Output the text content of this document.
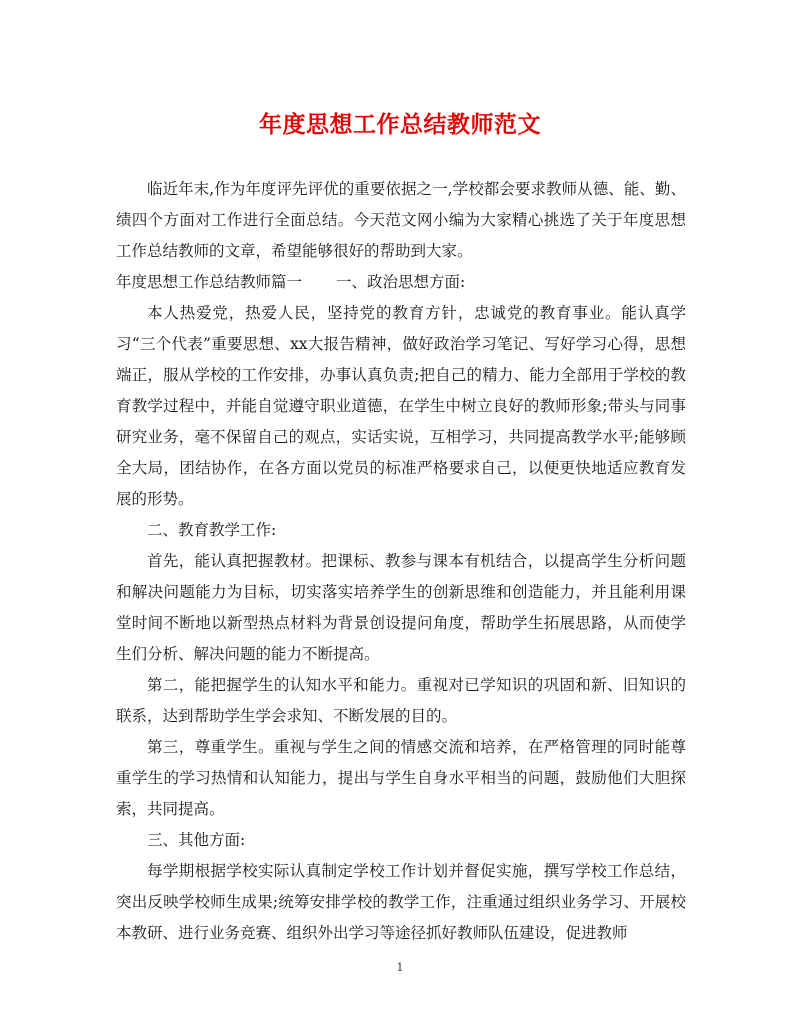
年度思想工作总结教师范文

临近年末,作为年度评先评优的重要依据之一,学校都会要求教师从德、能、勤、绩四个方面对工作进行全面总结。今天范文网小编为大家精心挑选了关于年度思想工作总结教师的文章，希望能够很好的帮助到大家。

年度思想工作总结教师篇一 一、政治思想方面:

本人热爱党，热爱人民，坚持党的教育方针，忠诚党的教育事业。能认真学习“三个代表”重要思想、xx大报告精神，做好政治学习笔记、写好学习心得，思想端正，服从学校的工作安排，办事认真负责;把自己的精力、能力全部用于学校的教育教学过程中，并能自觉遵守职业道德，在学生中树立良好的教师形象;带头与同事研究业务，毫不保留自己的观点，实话实说，互相学习，共同提高教学水平;能够顾全大局，团结协作，在各方面以党员的标准严格要求自己，以便更快地适应教育发展的形势。

二、教育教学工作:

首先，能认真把握教材。把课标、教参与课本有机结合，以提高学生分析问题和解决问题能力为目标，切实落实培养学生的创新思维和创造能力，并且能利用课堂时间不断地以新型热点材料为背景创设提问角度，帮助学生拓展思路，从而使学生们分析、解决问题的能力不断提高。

第二，能把握学生的认知水平和能力。重视对已学知识的巩固和新、旧知识的联系，达到帮助学生学会求知、不断发展的目的。

第三，尊重学生。重视与学生之间的情感交流和培养，在严格管理的同时能尊重学生的学习热情和认知能力，提出与学生自身水平相当的问题，鼓励他们大胆探索，共同提高。

三、其他方面:

每学期根据学校实际认真制定学校工作计划并督促实施，撰写学校工作总结，突出反映学校师生成果;统筹安排学校的教学工作，注重通过组织业务学习、开展校本教研、进行业务竞赛、组织外出学习等途径抓好教师队伍建设，促进教师

1
